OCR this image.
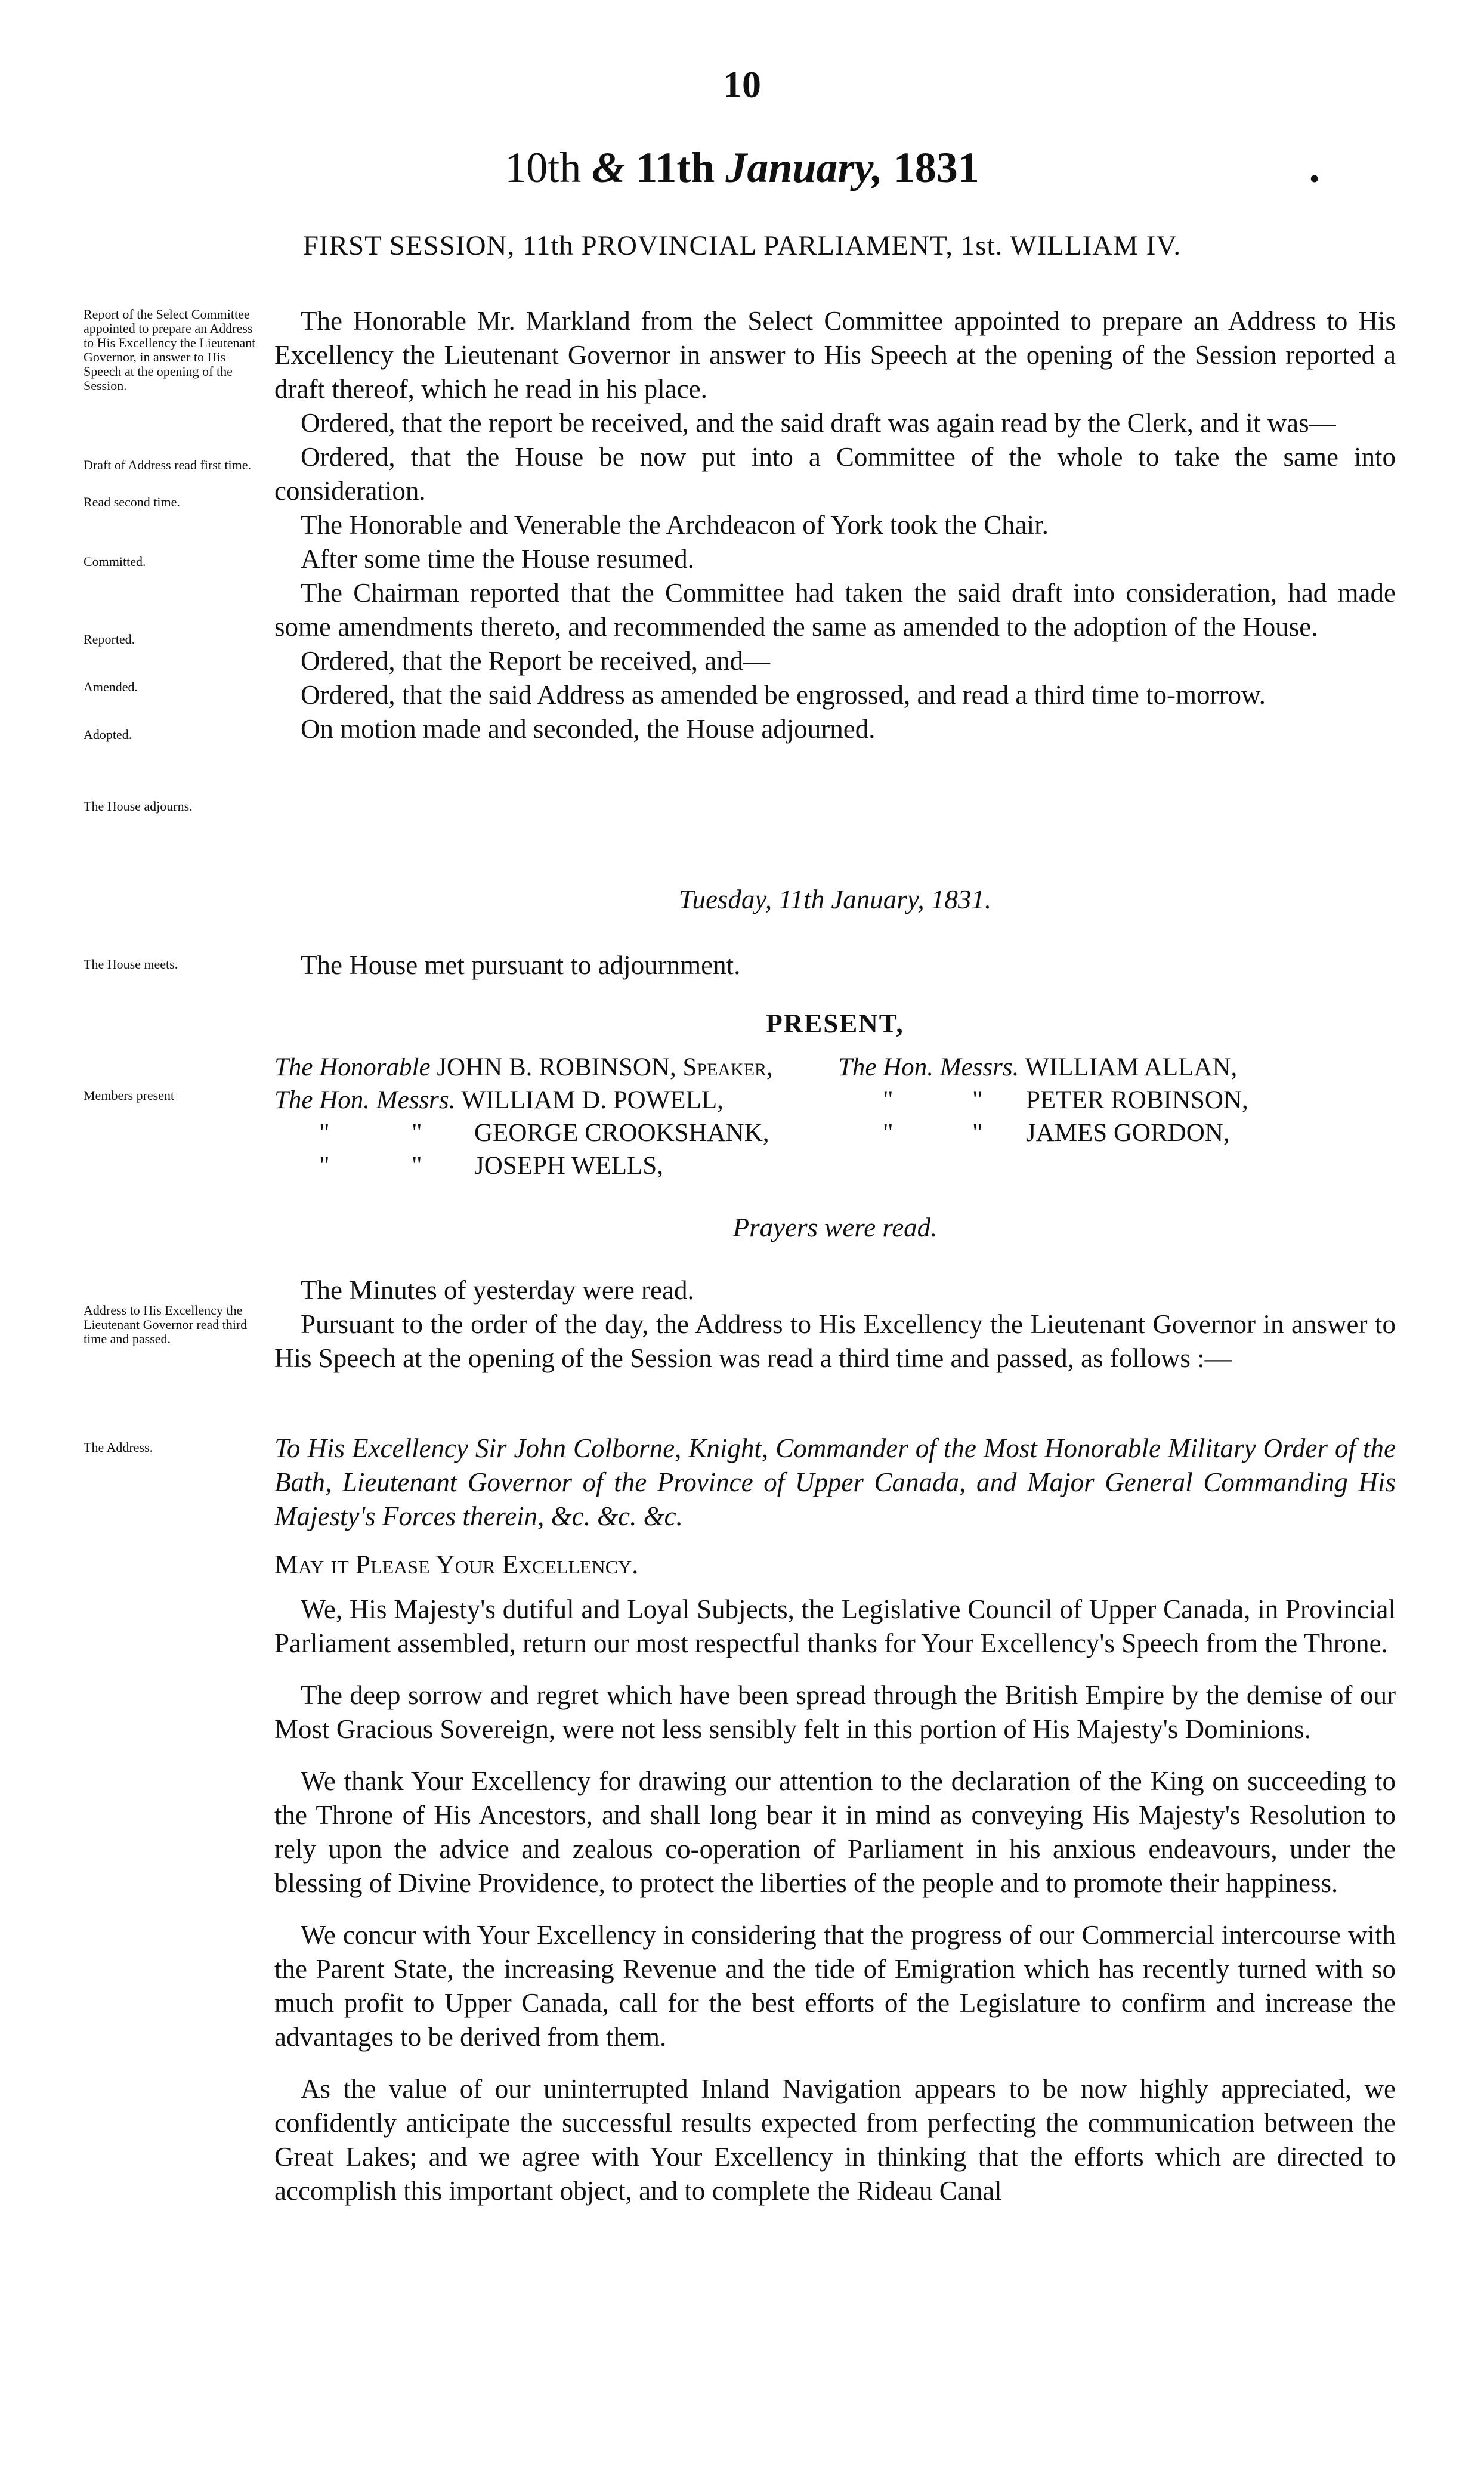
10
10th & 11th January, 1831	•
FIRST SESSION, 11th PROVINCIAL PARLIAMENT, 1st. WILLIAM IV.
Report of the Select Committee appointed to prepare an Address to His Excellency the Lieutenant Governor, in answer to His Speech at the opening of the Session.
Draft of Address read first time.
Read second time.
Committed.
Reported.
Amended.
Adopted.
The House adjourns.
The House meets.
Members present
Address to His Excellency the Lieutenant Governor read third time and passed.
The Address.

The Honorable Mr. Markland from the Select Committee appointed to prepare an Address to His Excellency the Lieutenant Governor in answer to His Speech at the opening of the Session reported a draft thereof, which he read in his place.

Ordered, that the report be received, and the said draft was again read by the Clerk, and it was—

Ordered, that the House be now put into a Committee of the whole to take the same into consideration.

The Honorable and Venerable the Archdeacon of York took the Chair.

After some time the House resumed.

The Chairman reported that the Committee had taken the said draft into consideration, had made some amendments thereto, and recommended the same as amended to the adoption of the House.

Ordered, that the Report be received, and—

Ordered, that the said Address as amended be engrossed, and read a third time to-morrow.

On motion made and seconded, the House adjourned.

Tuesday, 11th January, 1831.

The House met pursuant to adjournment.

PRESENT,
The Honorable JOHN B. ROBINSON, Speaker,	The Hon. Messrs. WILLIAM ALLAN,
The Hon. Messrs. WILLIAM D. POWELL,	"	" PETER ROBINSON,
"	" GEORGE CROOKSHANK,	"	" JAMES GORDON,
"	" JOSEPH WELLS,
Prayers were read.

The Minutes of yesterday were read.

Pursuant to the order of the day, the Address to His Excellency the Lieutenant Governor in answer to His Speech at the opening of the Session was read a third time and passed, as follows :—

To His Excellency Sir John Colborne, Knight, Commander of the Most Honorable Military Order of the Bath, Lieutenant Governor of the Province of Upper Canada, and Major General Commanding His Majesty's Forces therein, &c. &c. &c.
May it Please Your Excellency.

We, His Majesty's dutiful and Loyal Subjects, the Legislative Council of Upper Canada, in Provincial Parliament assembled, return our most respectful thanks for Your Excellency's Speech from the Throne.

The deep sorrow and regret which have been spread through the British Empire by the demise of our Most Gracious Sovereign, were not less sensibly felt in this portion of His Majesty's Dominions.

We thank Your Excellency for drawing our attention to the declaration of the King on succeeding to the Throne of His Ancestors, and shall long bear it in mind as conveying His Majesty's Resolution to rely upon the advice and zealous co-operation of Parliament in his anxious endeavours, under the blessing of Divine Providence, to protect the liberties of the people and to promote their happiness.

We concur with Your Excellency in considering that the progress of our Commercial intercourse with the Parent State, the increasing Revenue and the tide of Emigration which has recently turned with so much profit to Upper Canada, call for the best efforts of the Legislature to confirm and increase the advantages to be derived from them.

As the value of our uninterrupted Inland Navigation appears to be now highly appreciated, we confidently anticipate the successful results expected from perfecting the communication between the Great Lakes; and we agree with Your Excellency in thinking that the efforts which are directed to accomplish this important object, and to complete the Rideau Canal
